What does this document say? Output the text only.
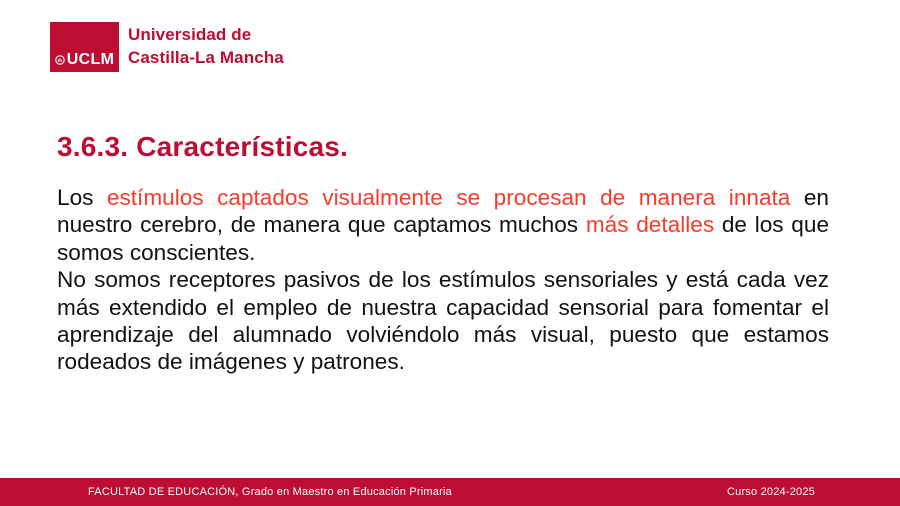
UCLM
Universidad de
Castilla-La Mancha
3.6.3. Características.

Los estímulos captados visualmente se procesan de manera innata en nuestro cerebro, de manera que captamos muchos más detalles de los que somos conscientes.

No somos receptores pasivos de los estímulos sensoriales y está cada vez más extendido el empleo de nuestra capacidad sensorial para fomentar el aprendizaje del alumnado volviéndolo más visual, puesto que estamos rodeados de imágenes y patrones.

FACULTAD DE EDUCACIÓN, Grado en Maestro en Educación Primaria	Curso 2024-2025
